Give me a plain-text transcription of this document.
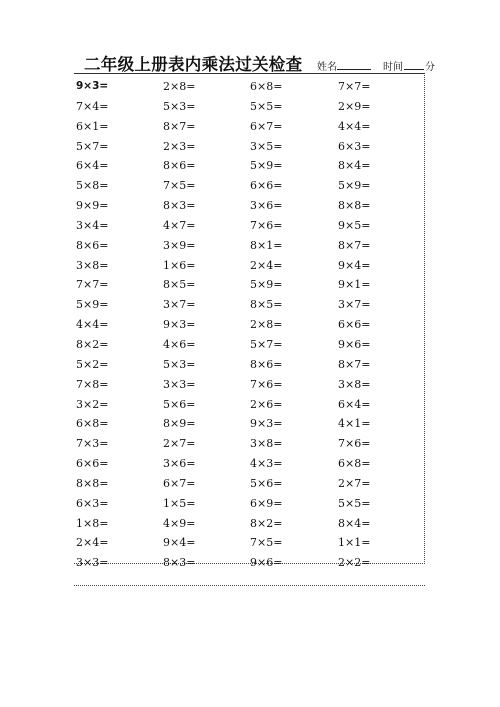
二年级上册表内乘法过关检查 姓名	时间 分
9×3=	2×8=	6×8=	7×7=
7×4=	5×3=	5×5=	2×9=
6×1=	8×7=	6×7=	4×4=
5×7=	2×3=	3×5=	6×3=
6×4=	8×6=	5×9=	8×4=
5×8=	7×5=	6×6=	5×9=
9×9=	8×3=	3×6=	8×8=
3×4=	4×7=	7×6=	9×5=
8×6=	3×9=	8×1=	8×7=
3×8=	1×6=	2×4=	9×4=
7×7=	8×5=	5×9=	9×1=
5×9=	3×7=	8×5=	3×7=
4×4=	9×3=	2×8=	6×6=
8×2=	4×6=	5×7=	9×6=
5×2=	5×3=	8×6=	8×7=
7×8=	3×3=	7×6=	3×8=
3×2=	5×6=	2×6=	6×4=
6×8=	8×9=	9×3=	4×1=
7×3=	2×7=	3×8=	7×6=
6×6=	3×6=	4×3=	6×8=
8×8=	6×7=	5×6=	2×7=
6×3=	1×5=	6×9=	5×5=
1×8=	4×9=	8×2=	8×4=
2×4=	9×4=	7×5=	1×1=
3×3=	8×3=	9×6=	2×2=
